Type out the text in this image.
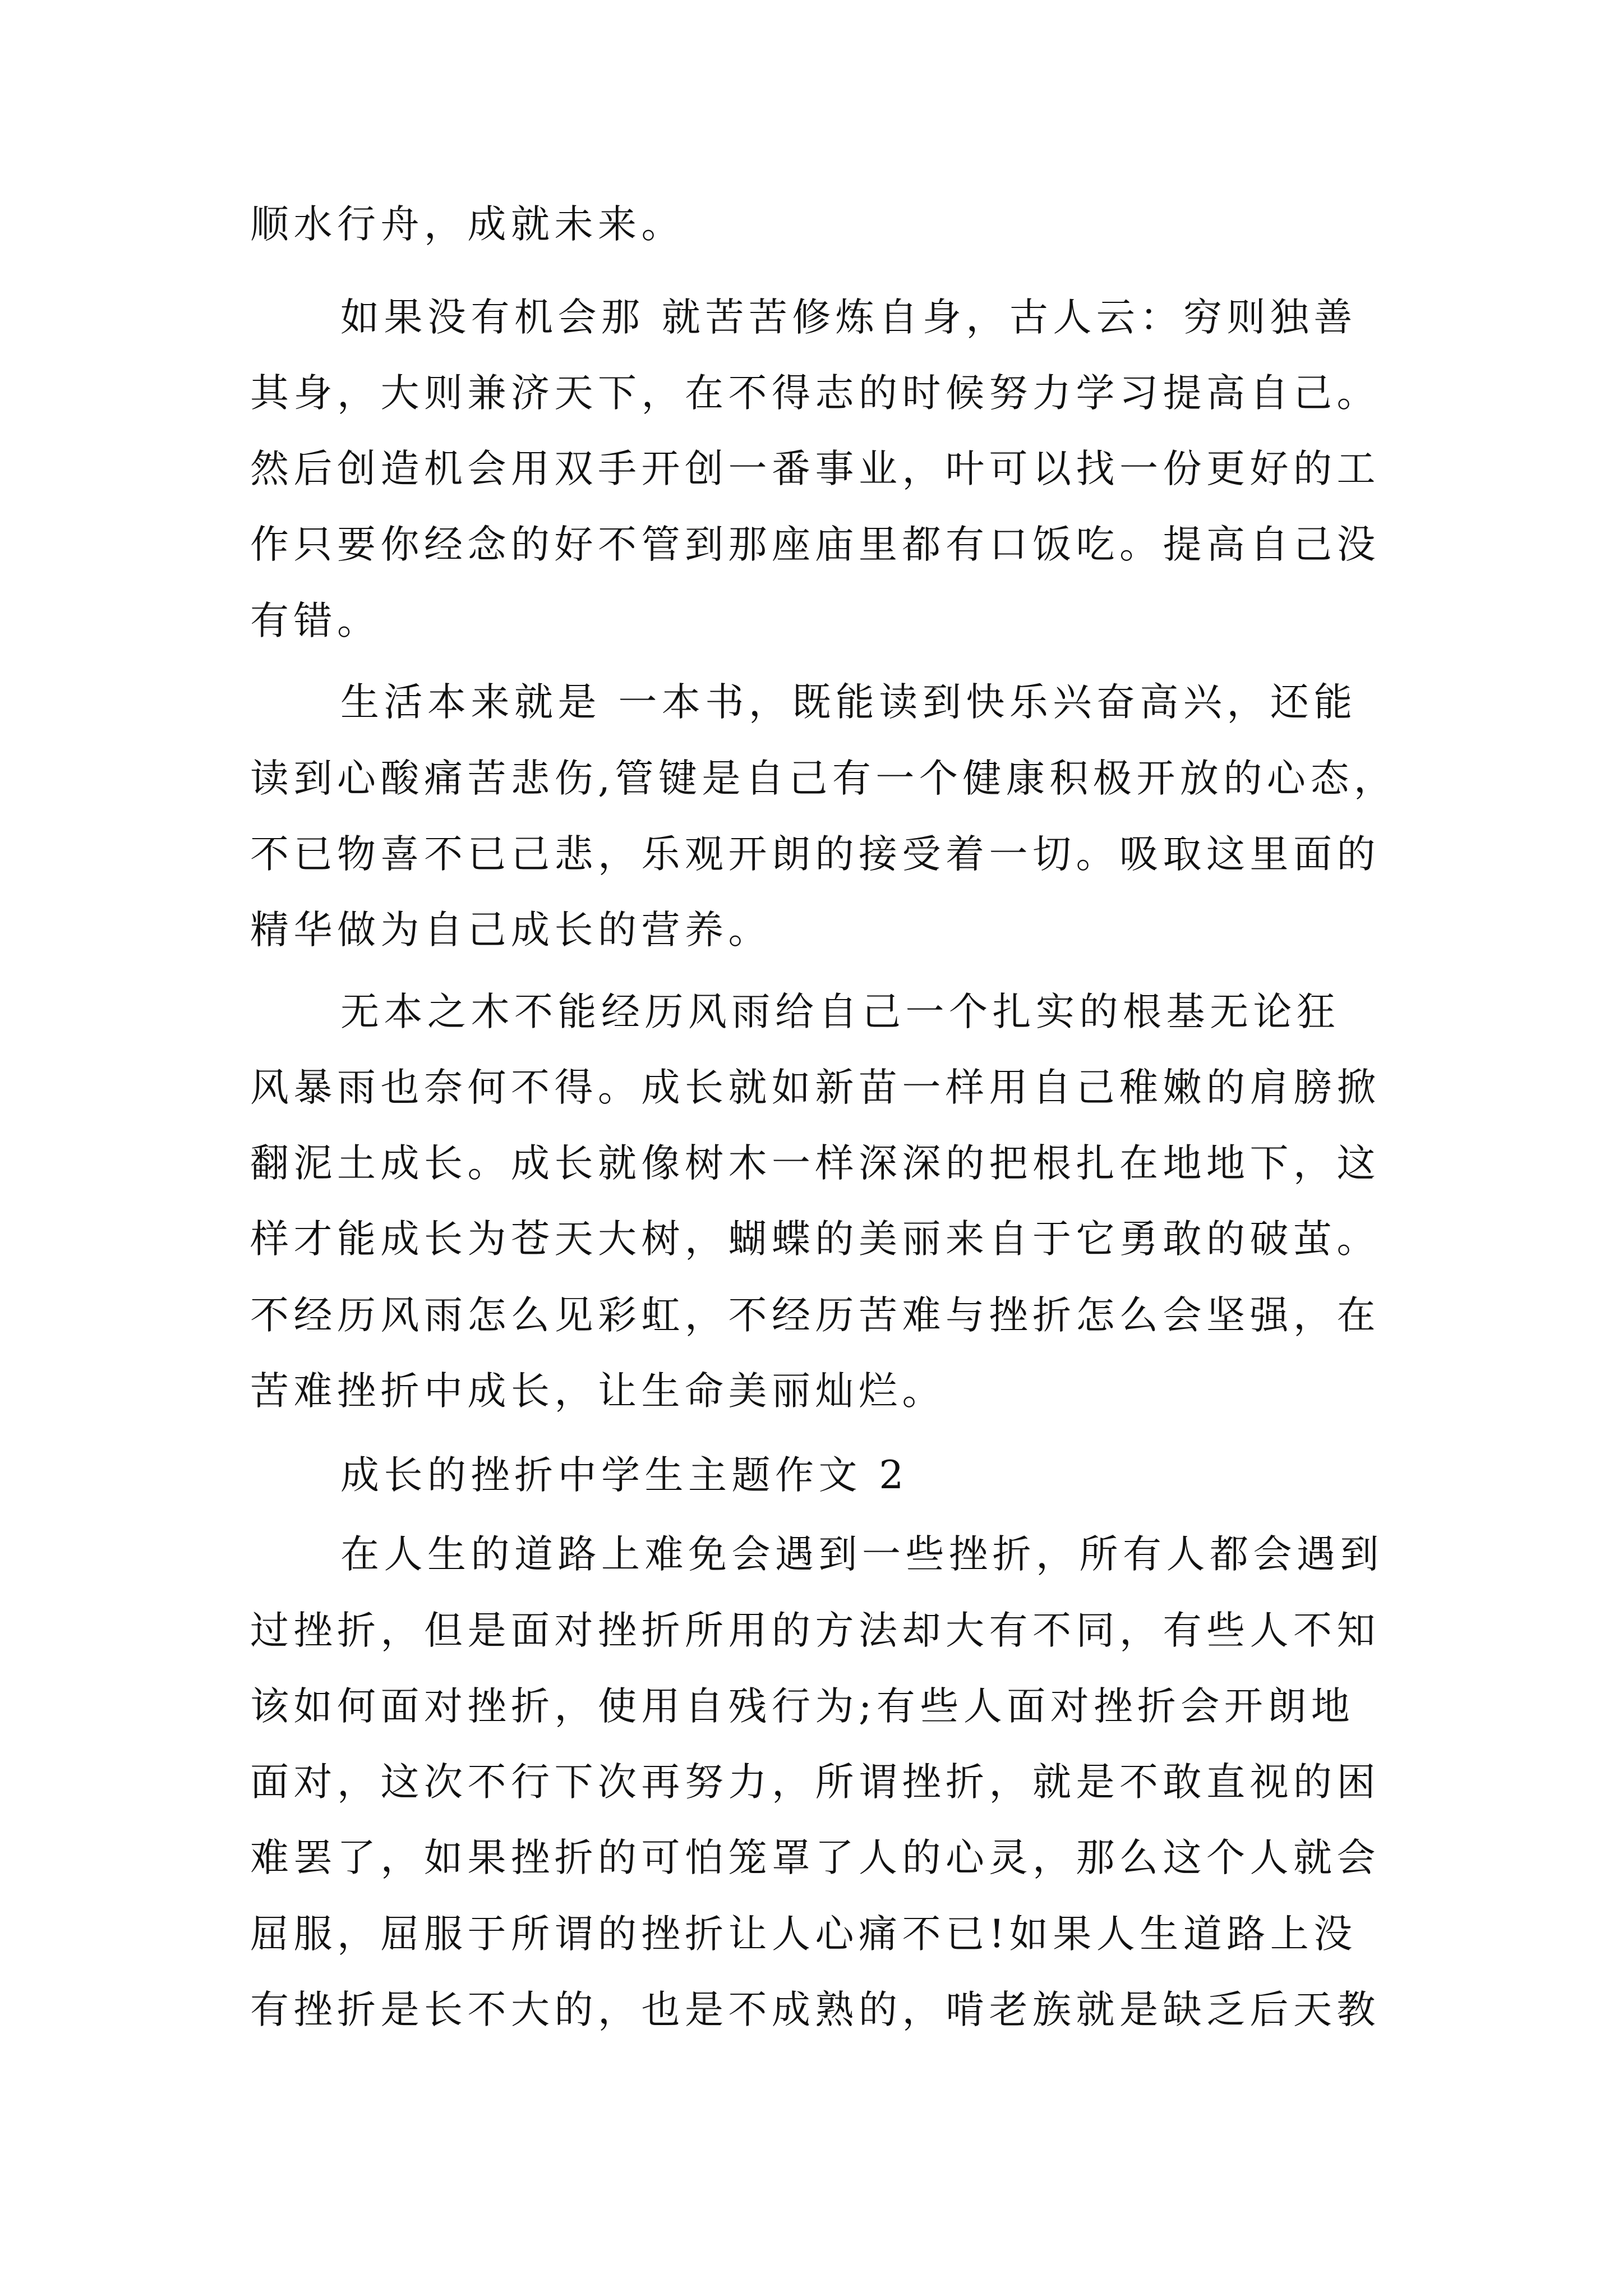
顺水行舟，成就未来。

如果没有机会那 就苦苦修炼自身，古人云：穷则独善

其身，大则兼济天下，在不得志的时候努力学习提高自己。

然后创造机会用双手开创一番事业，叶可以找一份更好的工

作只要你经念的好不管到那座庙里都有口饭吃。提高自己没

有错。

生活本来就是 一本书，既能读到快乐兴奋高兴，还能

读到心酸痛苦悲伤,管键是自己有一个健康积极开放的心态，

不已物喜不已己悲，乐观开朗的接受着一切。吸取这里面的

精华做为自己成长的营养。

无本之木不能经历风雨给自己一个扎实的根基无论狂

风暴雨也奈何不得。成长就如新苗一样用自己稚嫩的肩膀掀

翻泥土成长。成长就像树木一样深深的把根扎在地地下，这

样才能成长为苍天大树，蝴蝶的美丽来自于它勇敢的破茧。

不经历风雨怎么见彩虹，不经历苦难与挫折怎么会坚强，在

苦难挫折中成长，让生命美丽灿烂。

成长的挫折中学生主题作文 2

在人生的道路上难免会遇到一些挫折，所有人都会遇到

过挫折，但是面对挫折所用的方法却大有不同，有些人不知

该如何面对挫折，使用自残行为;有些人面对挫折会开朗地

面对，这次不行下次再努力，所谓挫折，就是不敢直视的困

难罢了，如果挫折的可怕笼罩了人的心灵，那么这个人就会

屈服，屈服于所谓的挫折让人心痛不已!如果人生道路上没

有挫折是长不大的，也是不成熟的，啃老族就是缺乏后天教
